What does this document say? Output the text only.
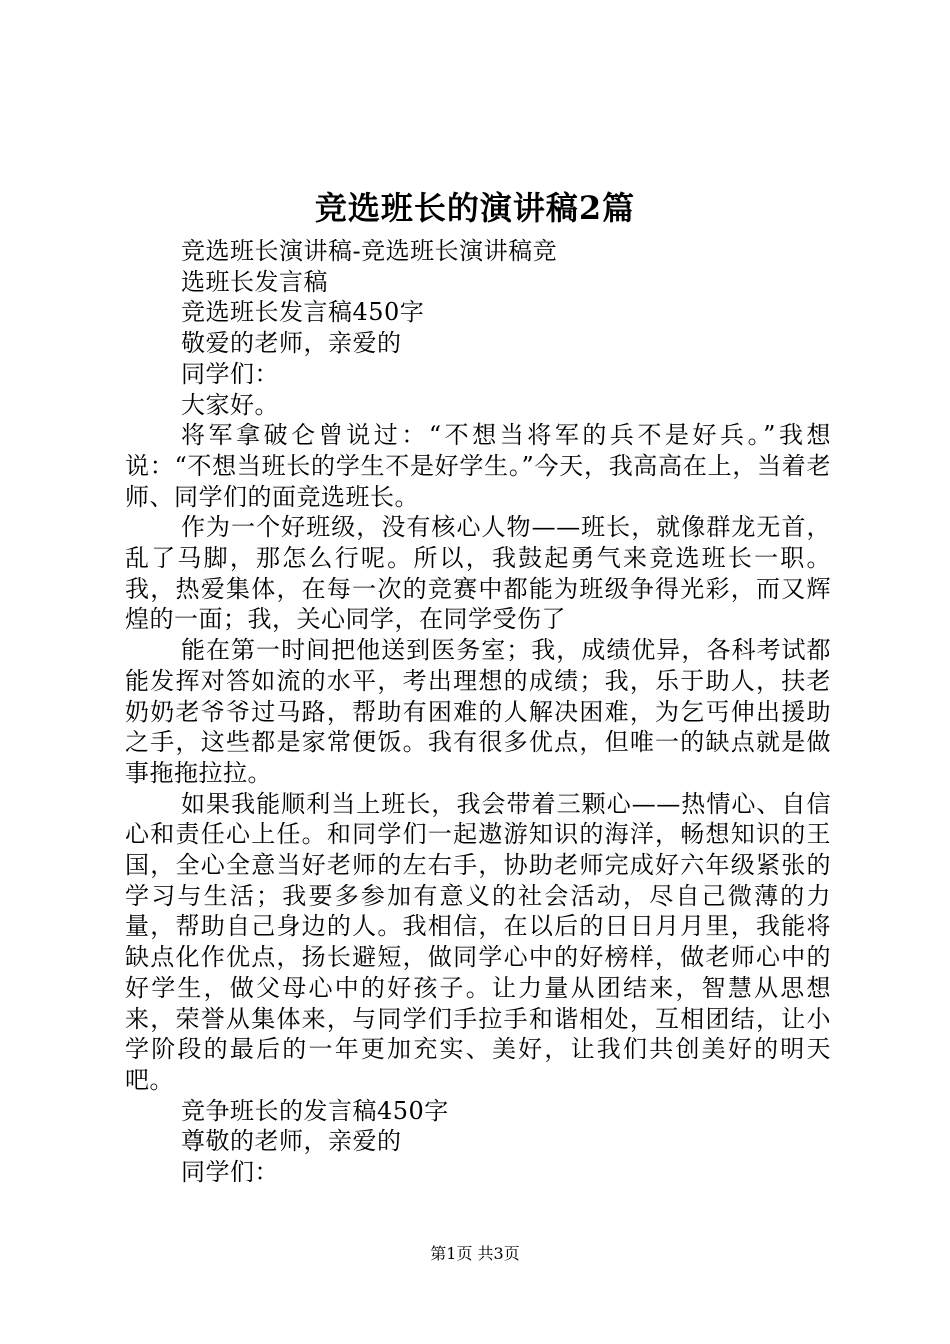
竞选班长的演讲稿2篇

竞选班长演讲稿-竞选班长演讲稿竞

选班长发言稿

竞选班长发言稿450字

敬爱的老师，亲爱的

同学们：

大家好。

将军拿破仑曾说过：“不想当将军的兵不是好兵。”我想说：“不想当班长的学生不是好学生。”今天，我高高在上，当着老师、同学们的面竞选班长。

作为一个好班级，没有核心人物——班长，就像群龙无首，乱了马脚，那怎么行呢。所以，我鼓起勇气来竞选班长一职。我，热爱集体，在每一次的竞赛中都能为班级争得光彩，而又辉煌的一面；我，关心同学，在同学受伤了

能在第一时间把他送到医务室；我，成绩优异，各科考试都能发挥对答如流的水平，考出理想的成绩；我，乐于助人，扶老奶奶老爷爷过马路，帮助有困难的人解决困难，为乞丐伸出援助之手，这些都是家常便饭。我有很多优点，但唯一的缺点就是做事拖拖拉拉。

如果我能顺利当上班长，我会带着三颗心——热情心、自信心和责任心上任。和同学们一起遨游知识的海洋，畅想知识的王国，全心全意当好老师的左右手，协助老师完成好六年级紧张的学习与生活；我要多参加有意义的社会活动，尽自己微薄的力量，帮助自己身边的人。我相信，在以后的日日月月里，我能将缺点化作优点，扬长避短，做同学心中的好榜样，做老师心中的好学生，做父母心中的好孩子。让力量从团结来，智慧从思想来，荣誉从集体来，与同学们手拉手和谐相处，互相团结，让小学阶段的最后的一年更加充实、美好，让我们共创美好的明天吧。

竞争班长的发言稿450字

尊敬的老师，亲爱的

同学们：

第1页 共3页
